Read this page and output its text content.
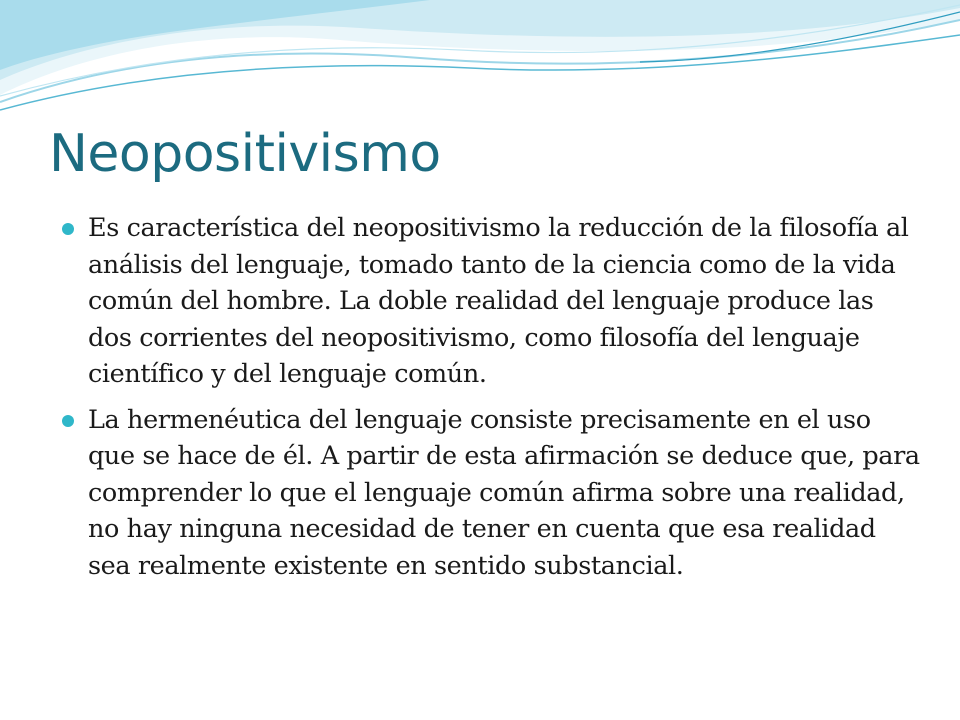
Neopositivismo
Es característica del neopositivismo la reducción de la filosofía al análisis del lenguaje, tomado tanto de la ciencia como de la vida común del hombre. La doble realidad del lenguaje produce las dos corrientes del neopositivismo, como filosofía del lenguaje científico y del lenguaje común.
La hermenéutica del lenguaje consiste precisamente en el uso que se hace de él. A partir de esta afirmación se deduce que, para comprender lo que el lenguaje común afirma sobre una realidad, no hay ninguna necesidad de tener en cuenta que esa realidad sea realmente existente en sentido substancial.
